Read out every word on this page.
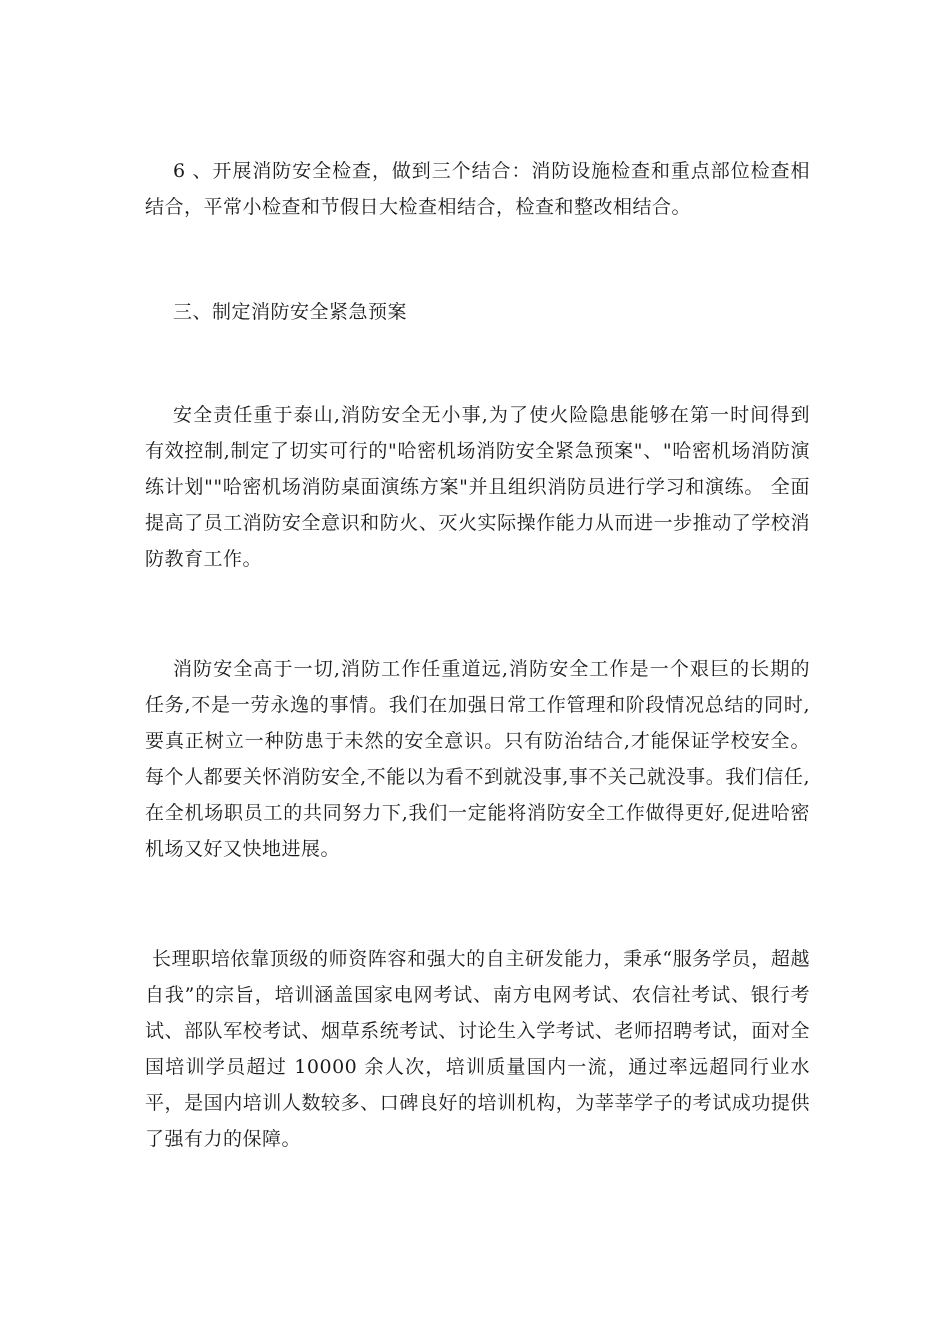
6 、开展消防安全检查，做到三个结合：消防设施检查和重点部位检查相结合，平常小检查和节假日大检查相结合，检查和整改相结合。

三、制定消防安全紧急预案

安全责任重于泰山,消防安全无小事,为了使火险隐患能够在第一时间得到有效控制,制定了切实可行的"哈密机场消防安全紧急预案"、"哈密机场消防演练计划""哈密机场消防桌面演练方案"并且组织消防员进行学习和演练。 全面提高了员工消防安全意识和防火、灭火实际操作能力从而进一步推动了学校消防教育工作。

消防安全高于一切,消防工作任重道远,消防安全工作是一个艰巨的长期的任务,不是一劳永逸的事情。我们在加强日常工作管理和阶段情况总结的同时,要真正树立一种防患于未然的安全意识。只有防治结合,才能保证学校安全。每个人都要关怀消防安全,不能以为看不到就没事,事不关己就没事。我们信任,在全机场职员工的共同努力下,我们一定能将消防安全工作做得更好,促进哈密机场又好又快地进展。

长理职培依靠顶级的师资阵容和强大的自主研发能力，秉承“服务学员，超越自我”的宗旨，培训涵盖国家电网考试、南方电网考试、农信社考试、银行考试、部队军校考试、烟草系统考试、讨论生入学考试、老师招聘考试，面对全国培训学员超过 10000 余人次，培训质量国内一流，通过率远超同行业水平，是国内培训人数较多、口碑良好的培训机构，为莘莘学子的考试成功提供了强有力的保障。
